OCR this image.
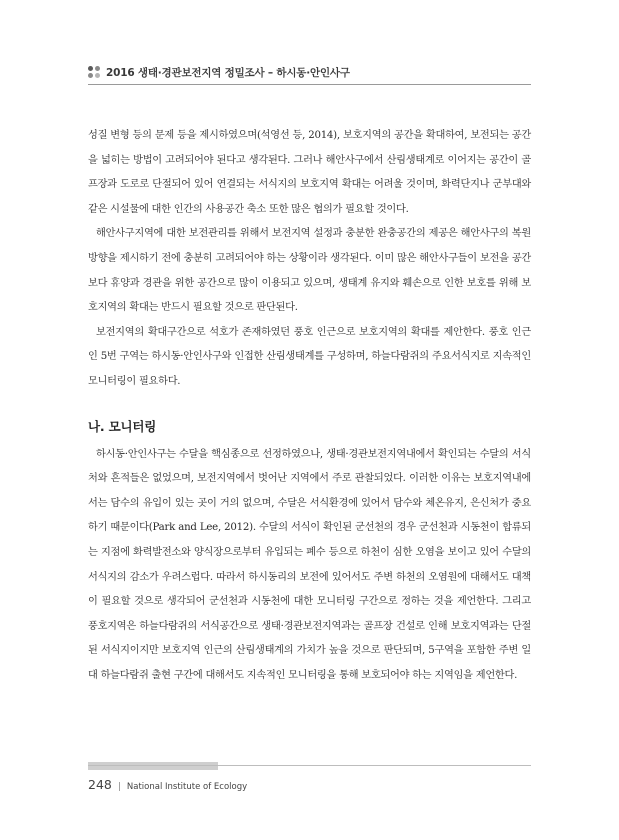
2016 생태·경관보전지역 정밀조사 – 하시동·안인사구

성질 변형 등의 문제 등을 제시하였으며(석영선 등, 2014), 보호지역의 공간을 확대하여, 보전되는 공간을 넓히는 방법이 고려되어야 된다고 생각된다. 그러나 해안사구에서 산림생태계로 이어지는 공간이 골프장과 도로로 단절되어 있어 연결되는 서식지의 보호지역 확대는 어려울 것이며, 화력단지나 군부대와 같은 시설물에 대한 인간의 사용공간 축소 또한 많은 협의가 필요할 것이다.

해안사구지역에 대한 보전관리를 위해서 보전지역 설정과 충분한 완충공간의 제공은 해안사구의 복원방향을 제시하기 전에 충분히 고려되어야 하는 상황이라 생각된다. 이미 많은 해안사구들이 보전을 공간보다 휴양과 경관을 위한 공간으로 많이 이용되고 있으며, 생태계 유지와 훼손으로 인한 보호를 위해 보호지역의 확대는 반드시 필요할 것으로 판단된다.

보전지역의 확대구간으로 석호가 존재하였던 풍호 인근으로 보호지역의 확대를 제안한다. 풍호 인근인 5번 구역는 하시동·안인사구와 인접한 산림생태계를 구성하며, 하늘다람쥐의 주요서식지로 지속적인 모니터링이 필요하다.

나. 모니터링

하시동·안인사구는 수달을 핵심종으로 선정하였으나, 생태·경관보전지역내에서 확인되는 수달의 서식처와 흔적들은 없었으며, 보전지역에서 벗어난 지역에서 주로 관찰되었다. 이러한 이유는 보호지역내에서는 담수의 유입이 있는 곳이 거의 없으며, 수달은 서식환경에 있어서 담수와 체온유지, 은신처가 중요하기 때문이다(Park and Lee, 2012). 수달의 서식이 확인된 군선천의 경우 군선천과 시동천이 합류되는 지점에 화력발전소와 양식장으로부터 유입되는 폐수 등으로 하천이 심한 오염을 보이고 있어 수달의 서식지의 감소가 우려스럽다. 따라서 하시동리의 보전에 있어서도 주변 하천의 오염원에 대해서도 대책이 필요할 것으로 생각되어 군선천과 시동천에 대한 모니터링 구간으로 정하는 것을 제언한다. 그리고 풍호지역은 하늘다람쥐의 서식공간으로 생태·경관보전지역과는 골프장 건설로 인해 보호지역과는 단절된 서식지이지만 보호지역 인근의 산림생태계의 가치가 높을 것으로 판단되며, 5구역을 포함한 주변 일대 하늘다람쥐 출현 구간에 대해서도 지속적인 모니터링을 통해 보호되어야 하는 지역임을 제언한다.

248 | National Institute of Ecology
